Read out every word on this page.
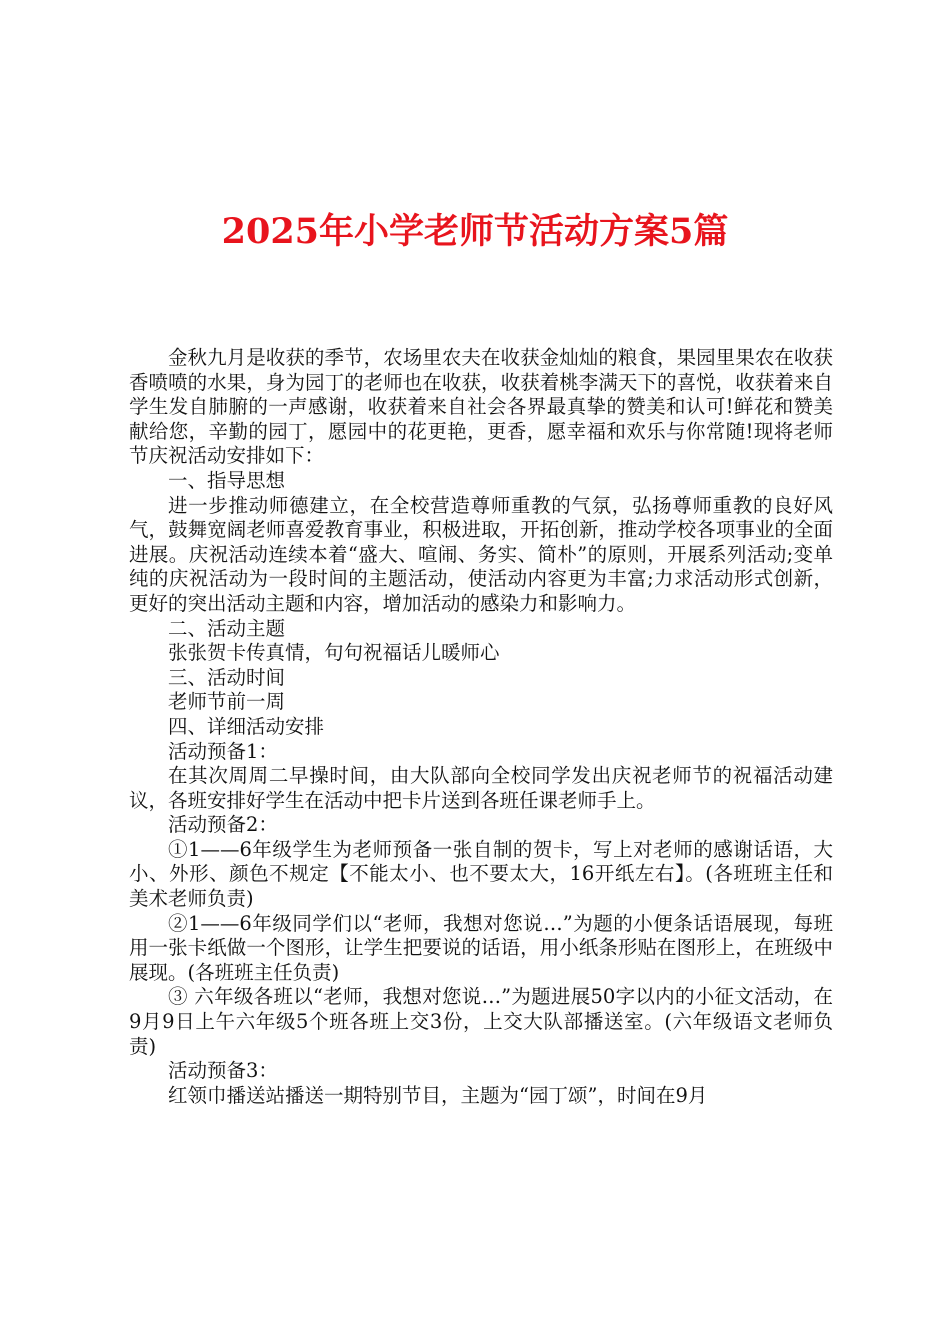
2025年小学老师节活动方案5篇

金秋九月是收获的季节，农场里农夫在收获金灿灿的粮食，果园里果农在收获香喷喷的水果，身为园丁的老师也在收获，收获着桃李满天下的喜悦，收获着来自学生发自肺腑的一声感谢，收获着来自社会各界最真挚的赞美和认可!鲜花和赞美献给您，辛勤的园丁，愿园中的花更艳，更香，愿幸福和欢乐与你常随!现将老师节庆祝活动安排如下：

一、指导思想

进一步推动师德建立，在全校营造尊师重教的气氛，弘扬尊师重教的良好风气，鼓舞宽阔老师喜爱教育事业，积极进取，开拓创新，推动学校各项事业的全面进展。庆祝活动连续本着“盛大、喧闹、务实、简朴”的原则，开展系列活动;变单纯的庆祝活动为一段时间的主题活动，使活动内容更为丰富;力求活动形式创新，更好的突出活动主题和内容，增加活动的感染力和影响力。

二、活动主题

张张贺卡传真情，句句祝福话儿暖师心

三、活动时间

老师节前一周

四、详细活动安排

活动预备1：

在其次周周二早操时间，由大队部向全校同学发出庆祝老师节的祝福活动建议，各班安排好学生在活动中把卡片送到各班任课老师手上。

活动预备2：

①1——6年级学生为老师预备一张自制的贺卡，写上对老师的感谢话语，大小、外形、颜色不规定【不能太小、也不要太大，16开纸左右】。(各班班主任和美术老师负责)

②1——6年级同学们以“老师，我想对您说…”为题的小便条话语展现，每班用一张卡纸做一个图形，让学生把要说的话语，用小纸条形贴在图形上，在班级中展现。(各班班主任负责)

③ 六年级各班以“老师，我想对您说…”为题进展50字以内的小征文活动，在9月9日上午六年级5个班各班上交3份，上交大队部播送室。(六年级语文老师负责)

活动预备3：

红领巾播送站播送一期特别节目，主题为“园丁颂”，时间在9月
